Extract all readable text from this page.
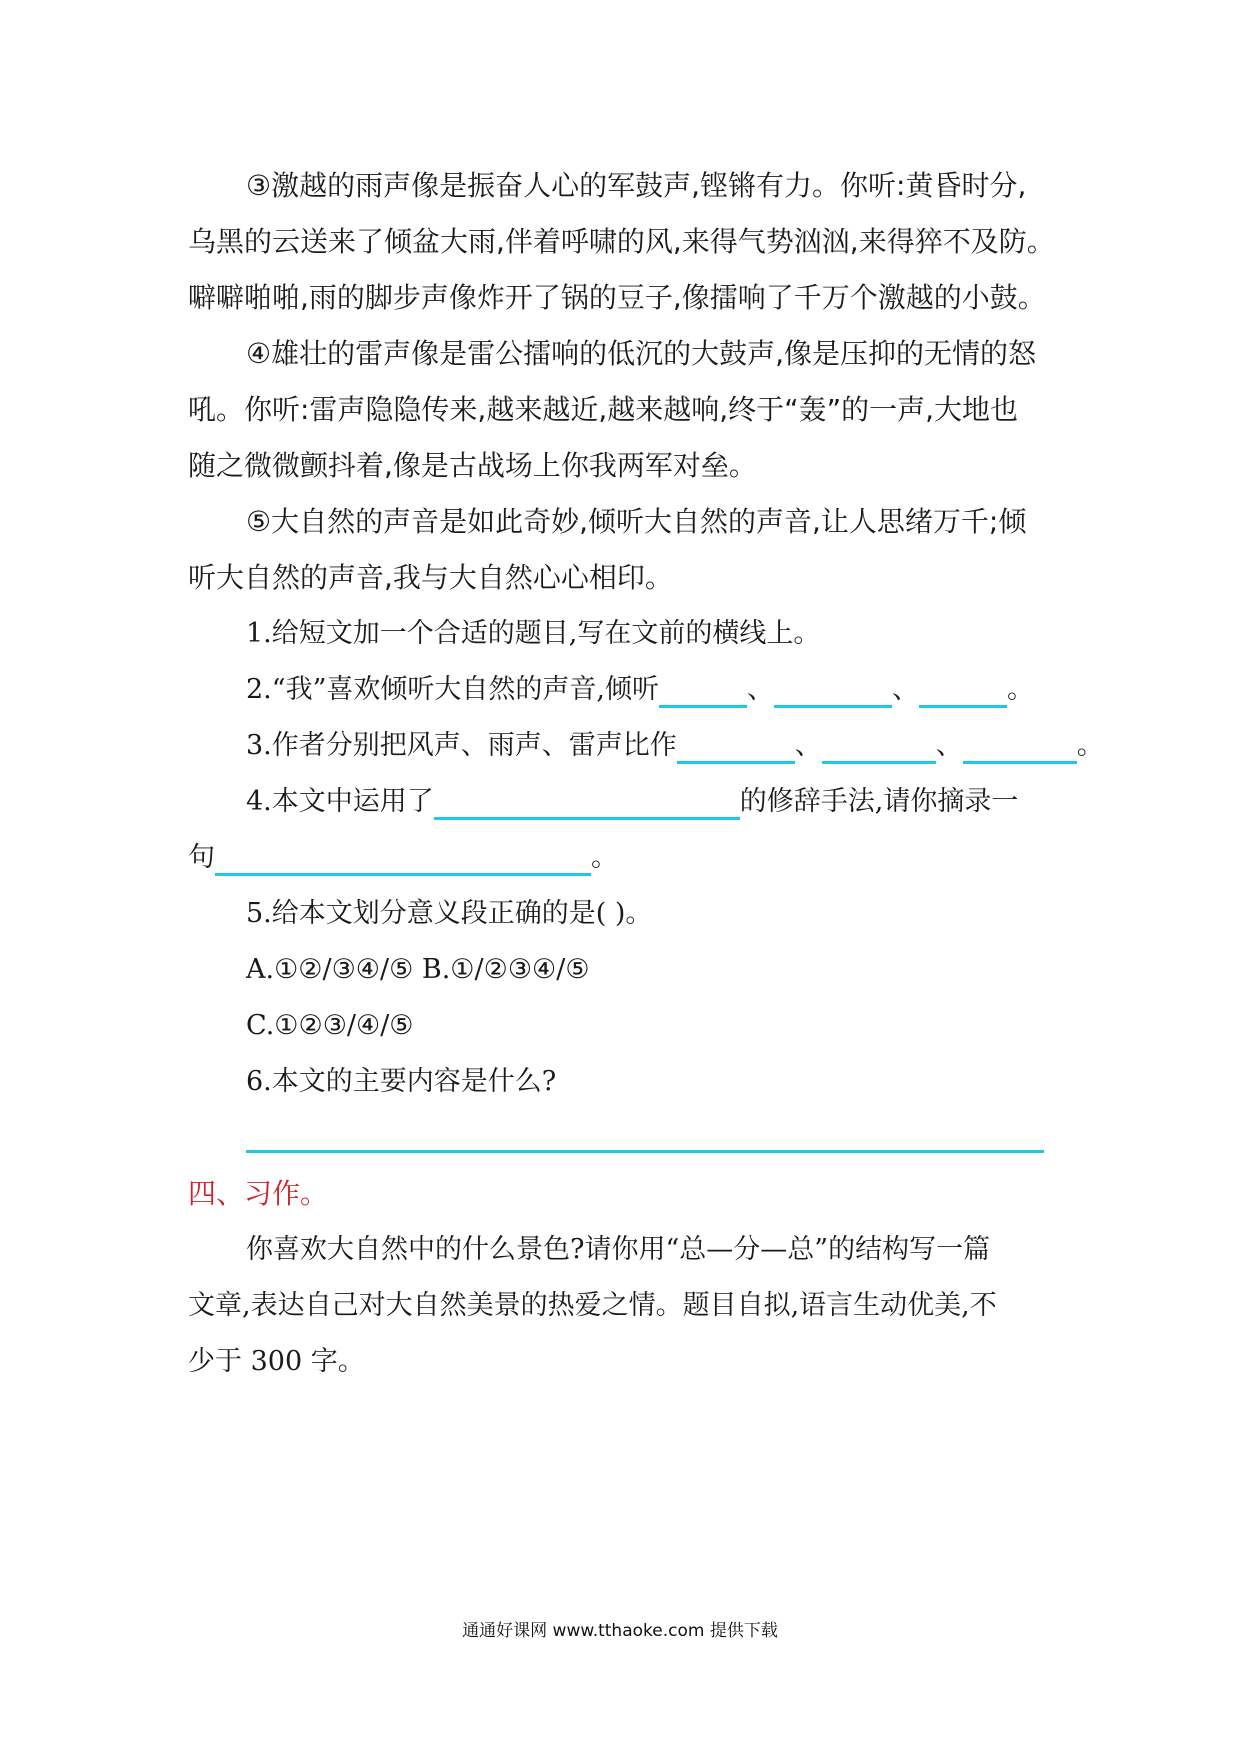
③激越的雨声像是振奋人心的军鼓声,铿锵有力。你听:黄昏时分,
乌黑的云送来了倾盆大雨,伴着呼啸的风,来得气势汹汹,来得猝不及防。
噼噼啪啪,雨的脚步声像炸开了锅的豆子,像擂响了千万个激越的小鼓。
④雄壮的雷声像是雷公擂响的低沉的大鼓声,像是压抑的无情的怒
吼。你听:雷声隐隐传来,越来越近,越来越响,终于“轰”的一声,大地也
随之微微颤抖着,像是古战场上你我两军对垒。
⑤大自然的声音是如此奇妙,倾听大自然的声音,让人思绪万千;倾
听大自然的声音,我与大自然心心相印。
1.给短文加一个合适的题目,写在文前的横线上。
2.“我”喜欢倾听大自然的声音,倾听	、	、	。
3.作者分别把风声、雨声、雷声比作	、	、	。
4.本文中运用了	的修辞手法,请你摘录一
句	。
5.给本文划分意义段正确的是( )。
A.①②/③④/⑤ B.①/②③④/⑤
C.①②③/④/⑤
6.本文的主要内容是什么?
四、习作。
你喜欢大自然中的什么景色?请你用“总—分—总”的结构写一篇
文章,表达自己对大自然美景的热爱之情。题目自拟,语言生动优美,不
少于 300 字。
通通好课网 www.tthaoke.com 提供下载
